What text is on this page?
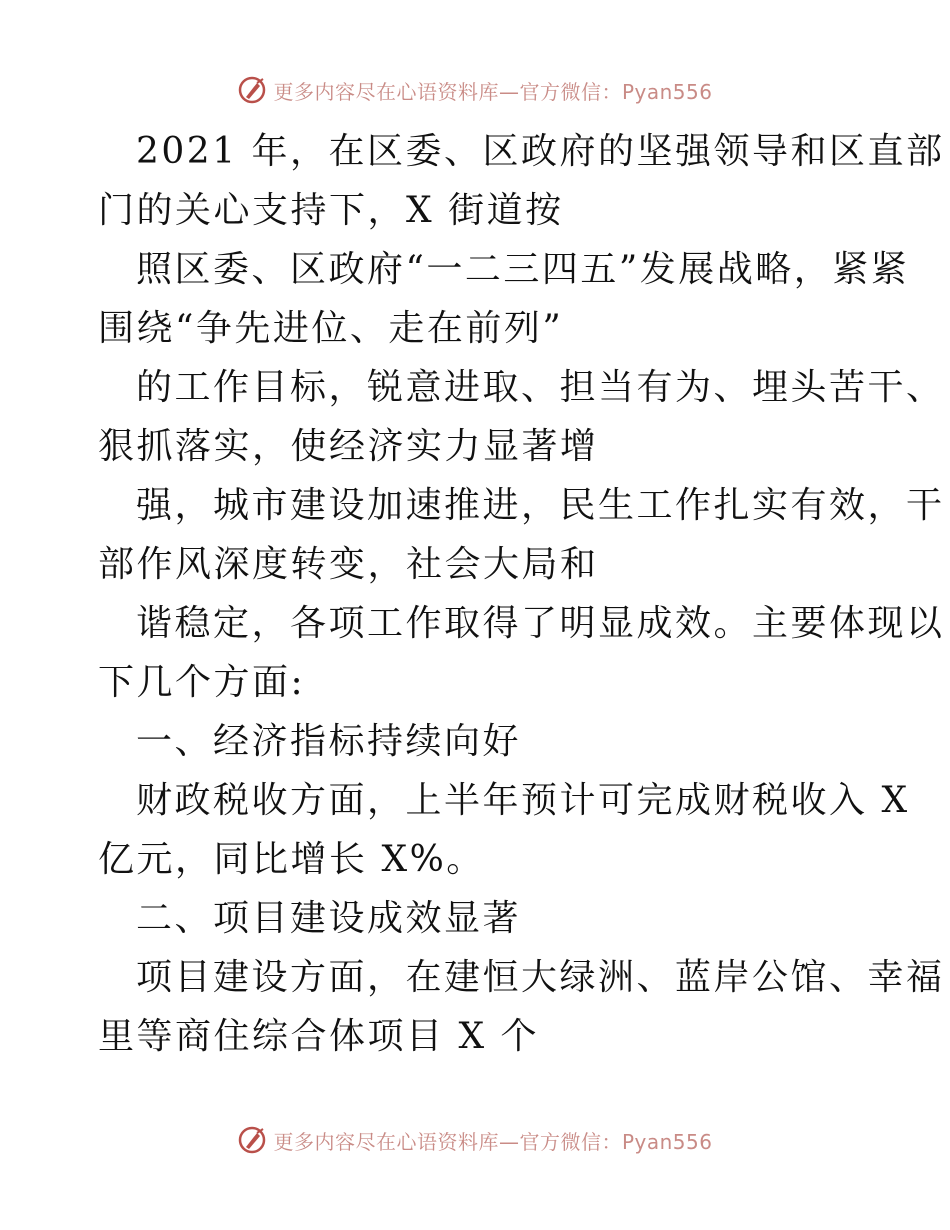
更多内容尽在心语资料库—官方微信：Pyan556
2021 年，在区委、区政府的坚强领导和区直部
门的关心支持下，X 街道按
照区委、区政府“一二三四五”发展战略，紧紧
围绕“争先进位、走在前列”
的工作目标，锐意进取、担当有为、埋头苦干、
狠抓落实，使经济实力显著增
强，城市建设加速推进，民生工作扎实有效，干
部作风深度转变，社会大局和
谐稳定，各项工作取得了明显成效。主要体现以
下几个方面:
一、经济指标持续向好
财政税收方面，上半年预计可完成财税收入 X
亿元，同比增长 X%。
二、项目建设成效显著
项目建设方面，在建恒大绿洲、蓝岸公馆、幸福
里等商住综合体项目 X 个
更多内容尽在心语资料库—官方微信：Pyan556
